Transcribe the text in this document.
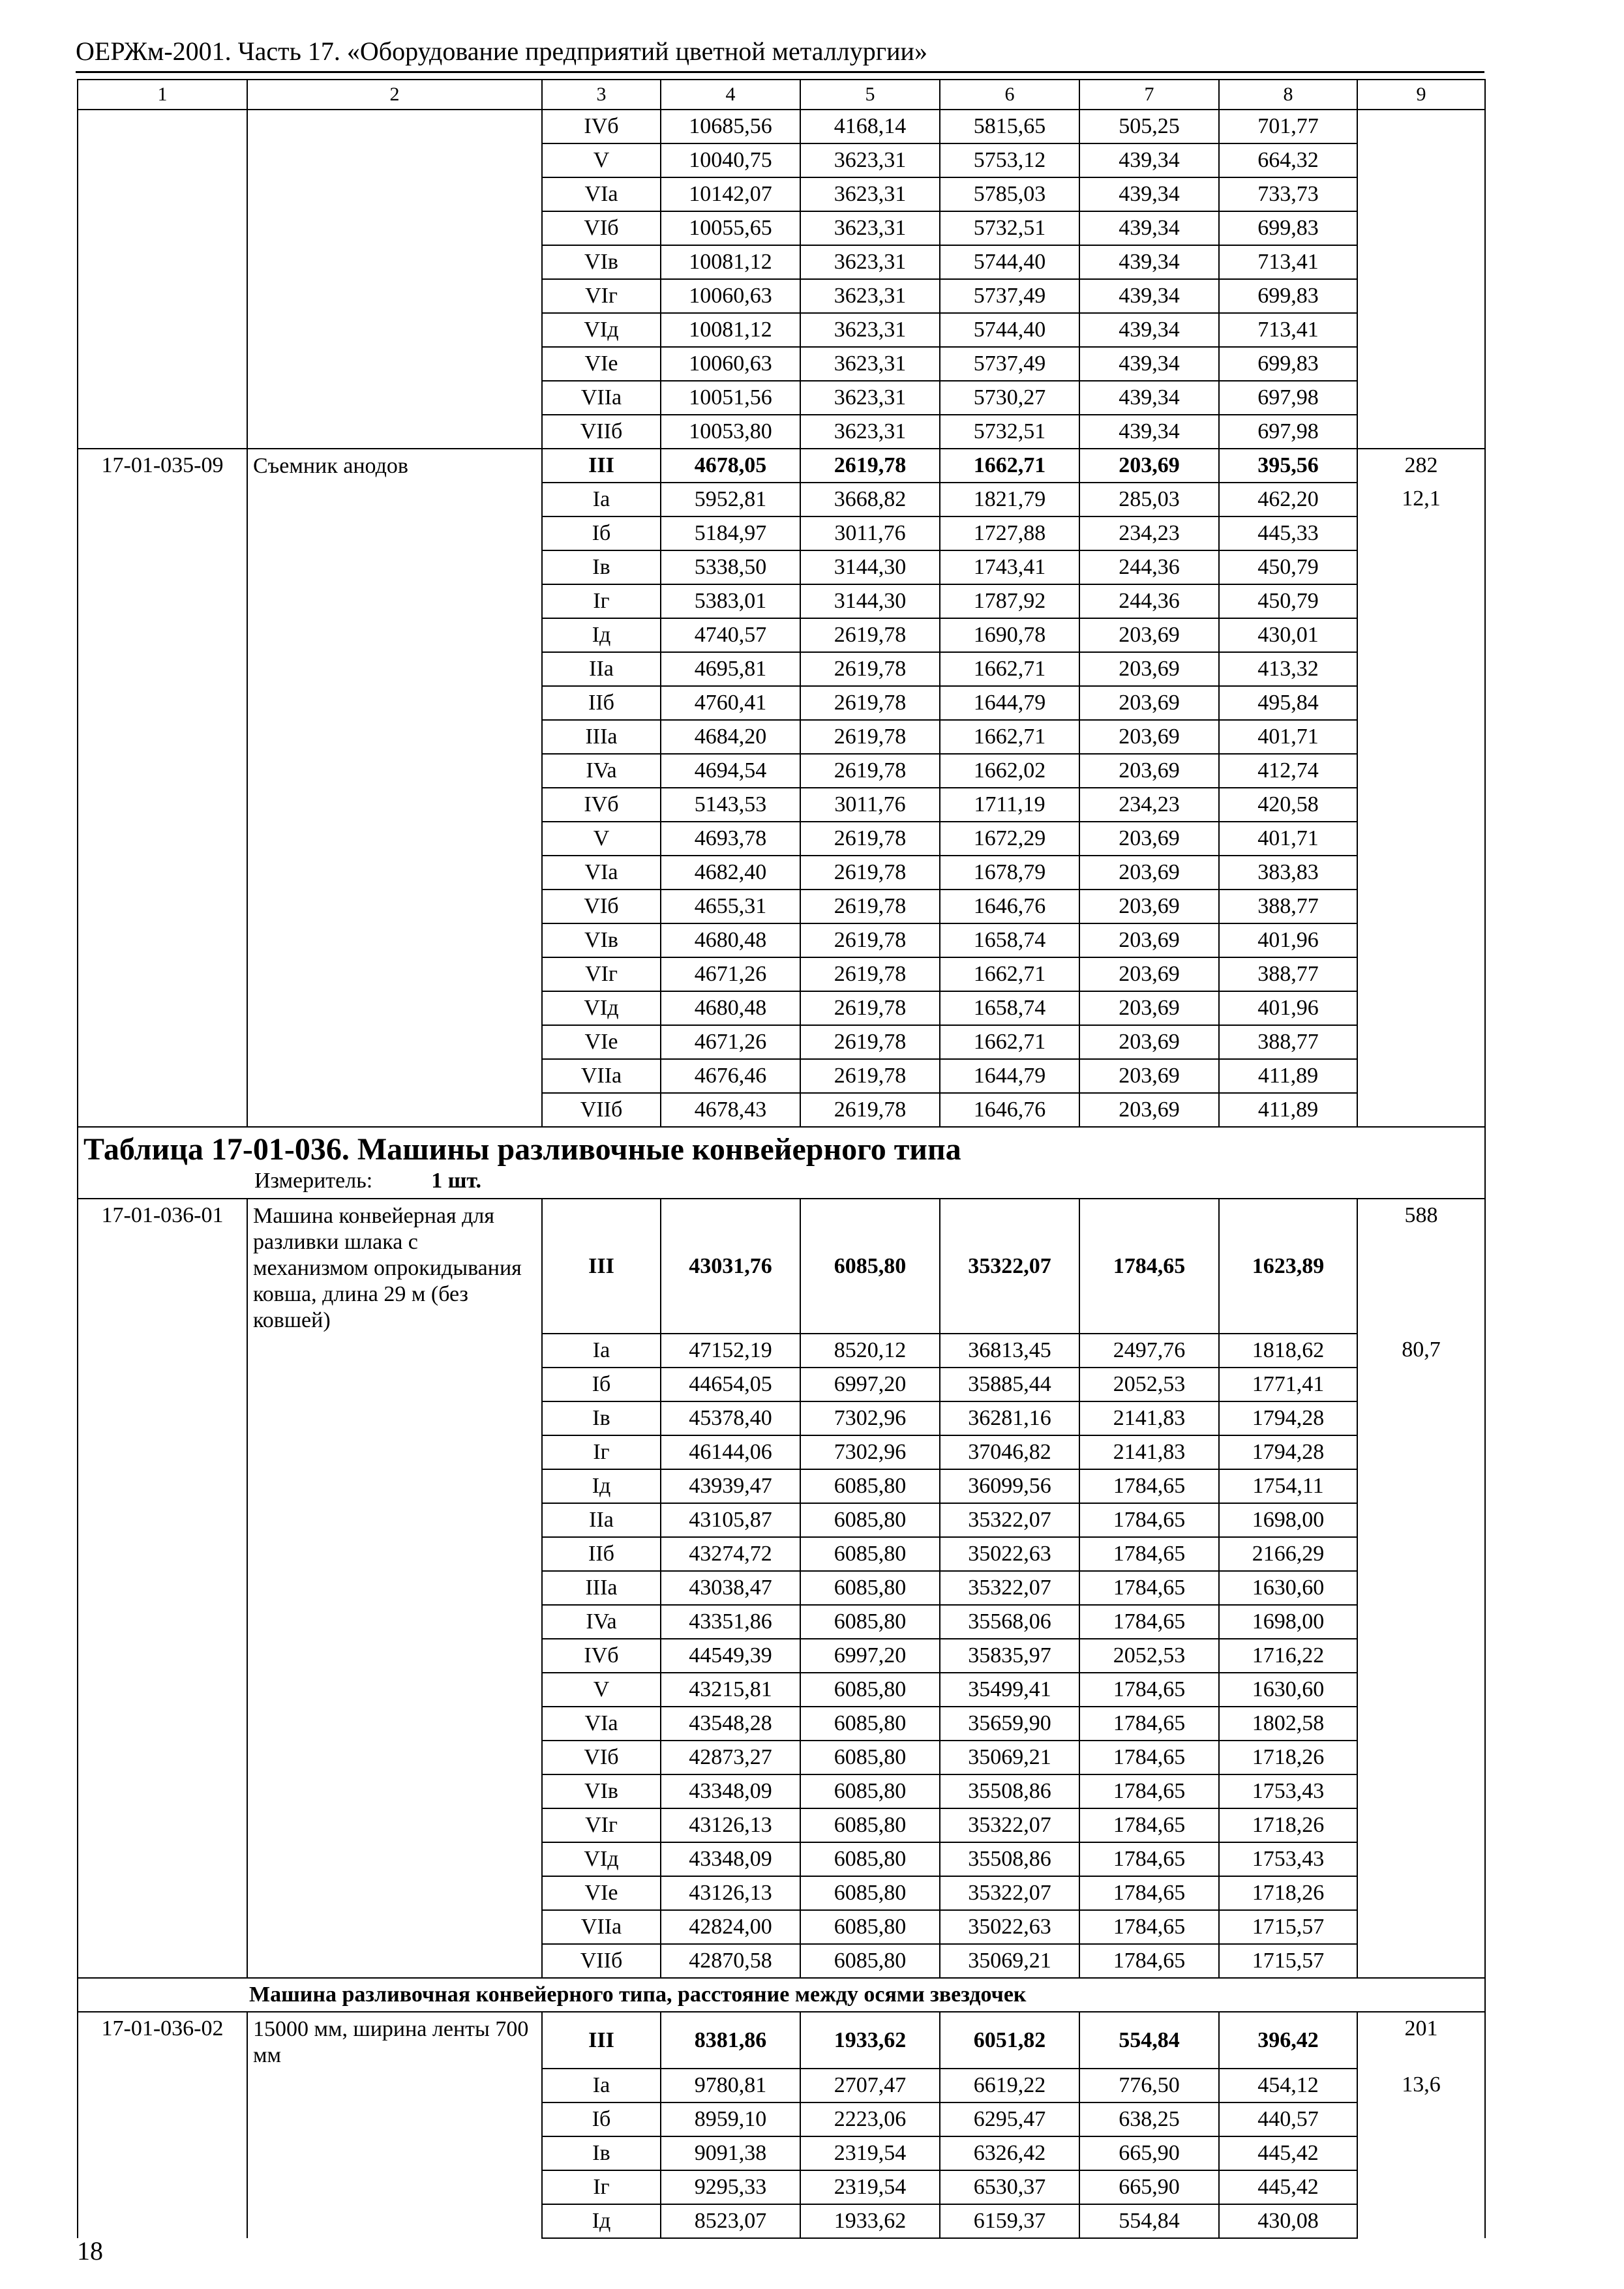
ОЕРЖм-2001. Часть 17. «Оборудование предприятий цветной металлургии»
1	2	3	4	5	6	7	8	9
		IVб	10685,56	4168,14	5815,65	505,25	701,77	
		V	10040,75	3623,31	5753,12	439,34	664,32	
		VIa	10142,07	3623,31	5785,03	439,34	733,73	
		VIб	10055,65	3623,31	5732,51	439,34	699,83	
		VIв	10081,12	3623,31	5744,40	439,34	713,41	
		VIг	10060,63	3623,31	5737,49	439,34	699,83	
		VIд	10081,12	3623,31	5744,40	439,34	713,41	
		VIе	10060,63	3623,31	5737,49	439,34	699,83	
		VIIa	10051,56	3623,31	5730,27	439,34	697,98	
		VIIб	10053,80	3623,31	5732,51	439,34	697,98	
17-01-035-09	Съемник анодов	III	4678,05	2619,78	1662,71	203,69	395,56	282
		Ia	5952,81	3668,82	1821,79	285,03	462,20	12,1
		Iб	5184,97	3011,76	1727,88	234,23	445,33	
		Iв	5338,50	3144,30	1743,41	244,36	450,79	
		Iг	5383,01	3144,30	1787,92	244,36	450,79	
		Iд	4740,57	2619,78	1690,78	203,69	430,01	
		IIa	4695,81	2619,78	1662,71	203,69	413,32	
		IIб	4760,41	2619,78	1644,79	203,69	495,84	
		IIIa	4684,20	2619,78	1662,71	203,69	401,71	
		IVa	4694,54	2619,78	1662,02	203,69	412,74	
		IVб	5143,53	3011,76	1711,19	234,23	420,58	
		V	4693,78	2619,78	1672,29	203,69	401,71	
		VIa	4682,40	2619,78	1678,79	203,69	383,83	
		VIб	4655,31	2619,78	1646,76	203,69	388,77	
		VIв	4680,48	2619,78	1658,74	203,69	401,96	
		VIг	4671,26	2619,78	1662,71	203,69	388,77	
		VIд	4680,48	2619,78	1658,74	203,69	401,96	
		VIе	4671,26	2619,78	1662,71	203,69	388,77	
		VIIa	4676,46	2619,78	1644,79	203,69	411,89	
		VIIб	4678,43	2619,78	1646,76	203,69	411,89	

Таблица 17-01-036. Машины разливочные конвейерного типа
Измеритель: 1 шт.								

17-01-036-01	Машина конвейерная для разливки шлака с механизмом опрокидывания ковша, длина 29 м (без ковшей)	III	43031,76	6085,80	35322,07	1784,65	1623,89	588
		Ia	47152,19	8520,12	36813,45	2497,76	1818,62	80,7
		Iб	44654,05	6997,20	35885,44	2052,53	1771,41	
		Iв	45378,40	7302,96	36281,16	2141,83	1794,28	
		Iг	46144,06	7302,96	37046,82	2141,83	1794,28	
		Iд	43939,47	6085,80	36099,56	1784,65	1754,11	
		IIa	43105,87	6085,80	35322,07	1784,65	1698,00	
		IIб	43274,72	6085,80	35022,63	1784,65	2166,29	
		IIIa	43038,47	6085,80	35322,07	1784,65	1630,60	
		IVa	43351,86	6085,80	35568,06	1784,65	1698,00	
		IVб	44549,39	6997,20	35835,97	2052,53	1716,22	
		V	43215,81	6085,80	35499,41	1784,65	1630,60	
		VIa	43548,28	6085,80	35659,90	1784,65	1802,58	
		VIб	42873,27	6085,80	35069,21	1784,65	1718,26	
		VIв	43348,09	6085,80	35508,86	1784,65	1753,43	
		VIг	43126,13	6085,80	35322,07	1784,65	1718,26	
		VIд	43348,09	6085,80	35508,86	1784,65	1753,43	
		VIе	43126,13	6085,80	35322,07	1784,65	1718,26	
		VIIa	42824,00	6085,80	35022,63	1784,65	1715,57	
		VIIб	42870,58	6085,80	35069,21	1784,65	1715,57	
Машина разливочная конвейерного типа, расстояние между осями звездочек								
17-01-036-02	15000 мм, ширина ленты 700 мм	III	8381,86	1933,62	6051,82	554,84	396,42	201
		Ia	9780,81	2707,47	6619,22	776,50	454,12	13,6
		Iб	8959,10	2223,06	6295,47	638,25	440,57	
		Iв	9091,38	2319,54	6326,42	665,90	445,42	
		Iг	9295,33	2319,54	6530,37	665,90	445,42	
		Iд	8523,07	1933,62	6159,37	554,84	430,08	
18
